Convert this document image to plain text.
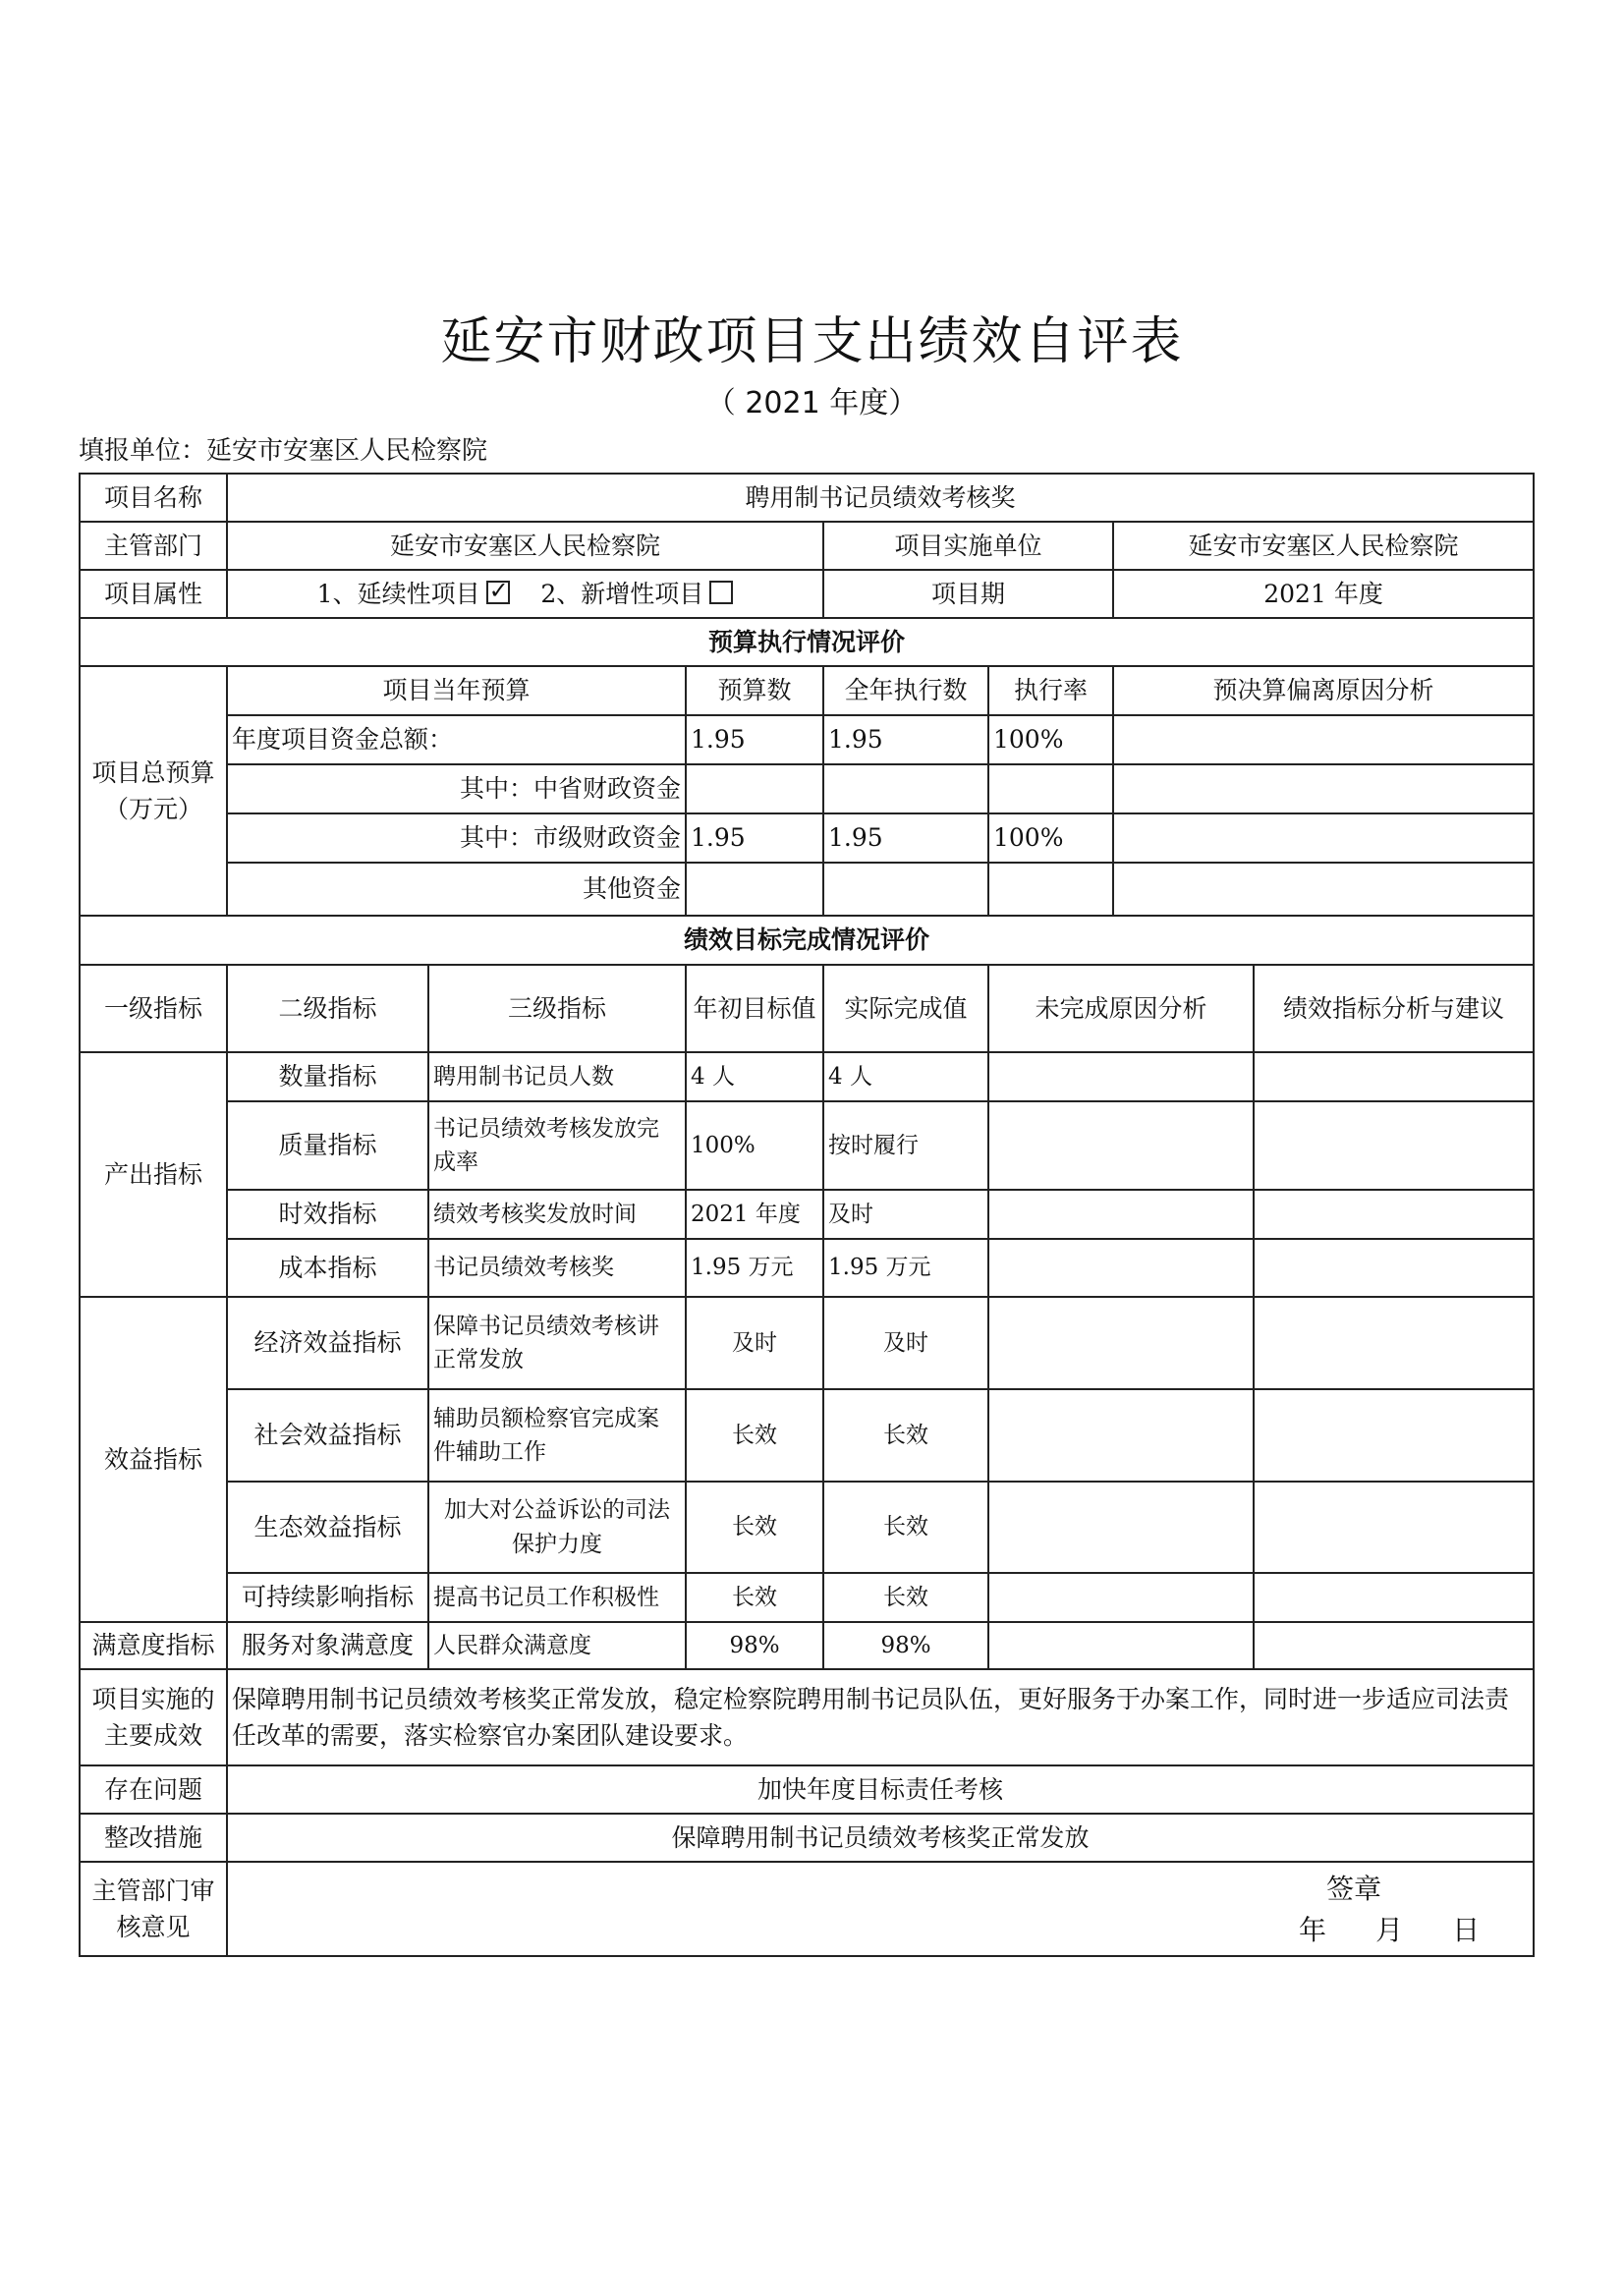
延安市财政项目支出绩效自评表
（ 2021 年度）
填报单位：延安市安塞区人民检察院
项目名称	聘用制书记员绩效考核奖						
主管部门	延安市安塞区人民检察院			项目实施单位		延安市安塞区人民检察院	
项目属性	1、延续性项目 ✓ 2、新增性项目			项目期		2021 年度	
预算执行情况评价							
项目总预算（万元）	项目当年预算		预算数	全年执行数	执行率	预决算偏离原因分析	
	年度项目资金总额：		1.95	1.95	100%		
	其中：中省财政资金						
	其中：市级财政资金		1.95	1.95	100%		
	其他资金						
绩效目标完成情况评价							
一级指标	二级指标	三级指标	年初目标值	实际完成值	未完成原因分析		绩效指标分析与建议
产出指标	数量指标	聘用制书记员人数	4 人	4 人			
	质量指标	书记员绩效考核发放完成率	100%	按时履行			
	时效指标	绩效考核奖发放时间	2021 年度	及时			
	成本指标	书记员绩效考核奖	1.95 万元	1.95 万元			
效益指标	经济效益指标	保障书记员绩效考核讲正常发放	及时	及时			
	社会效益指标	辅助员额检察官完成案件辅助工作	长效	长效			
	生态效益指标	加大对公益诉讼的司法保护力度	长效	长效			
	可持续影响指标	提高书记员工作积极性	长效	长效			
满意度指标	服务对象满意度	人民群众满意度	98%	98%			
项目实施的主要成效	保障聘用制书记员绩效考核奖正常发放，稳定检察院聘用制书记员队伍，更好服务于办案工作，同时进一步适应司法责任改革的需要，落实检察官办案团队建设要求。						
存在问题	加快年度目标责任考核						
整改措施	保障聘用制书记员绩效考核奖正常发放						
主管部门审核意见	签章
年 月 日						
